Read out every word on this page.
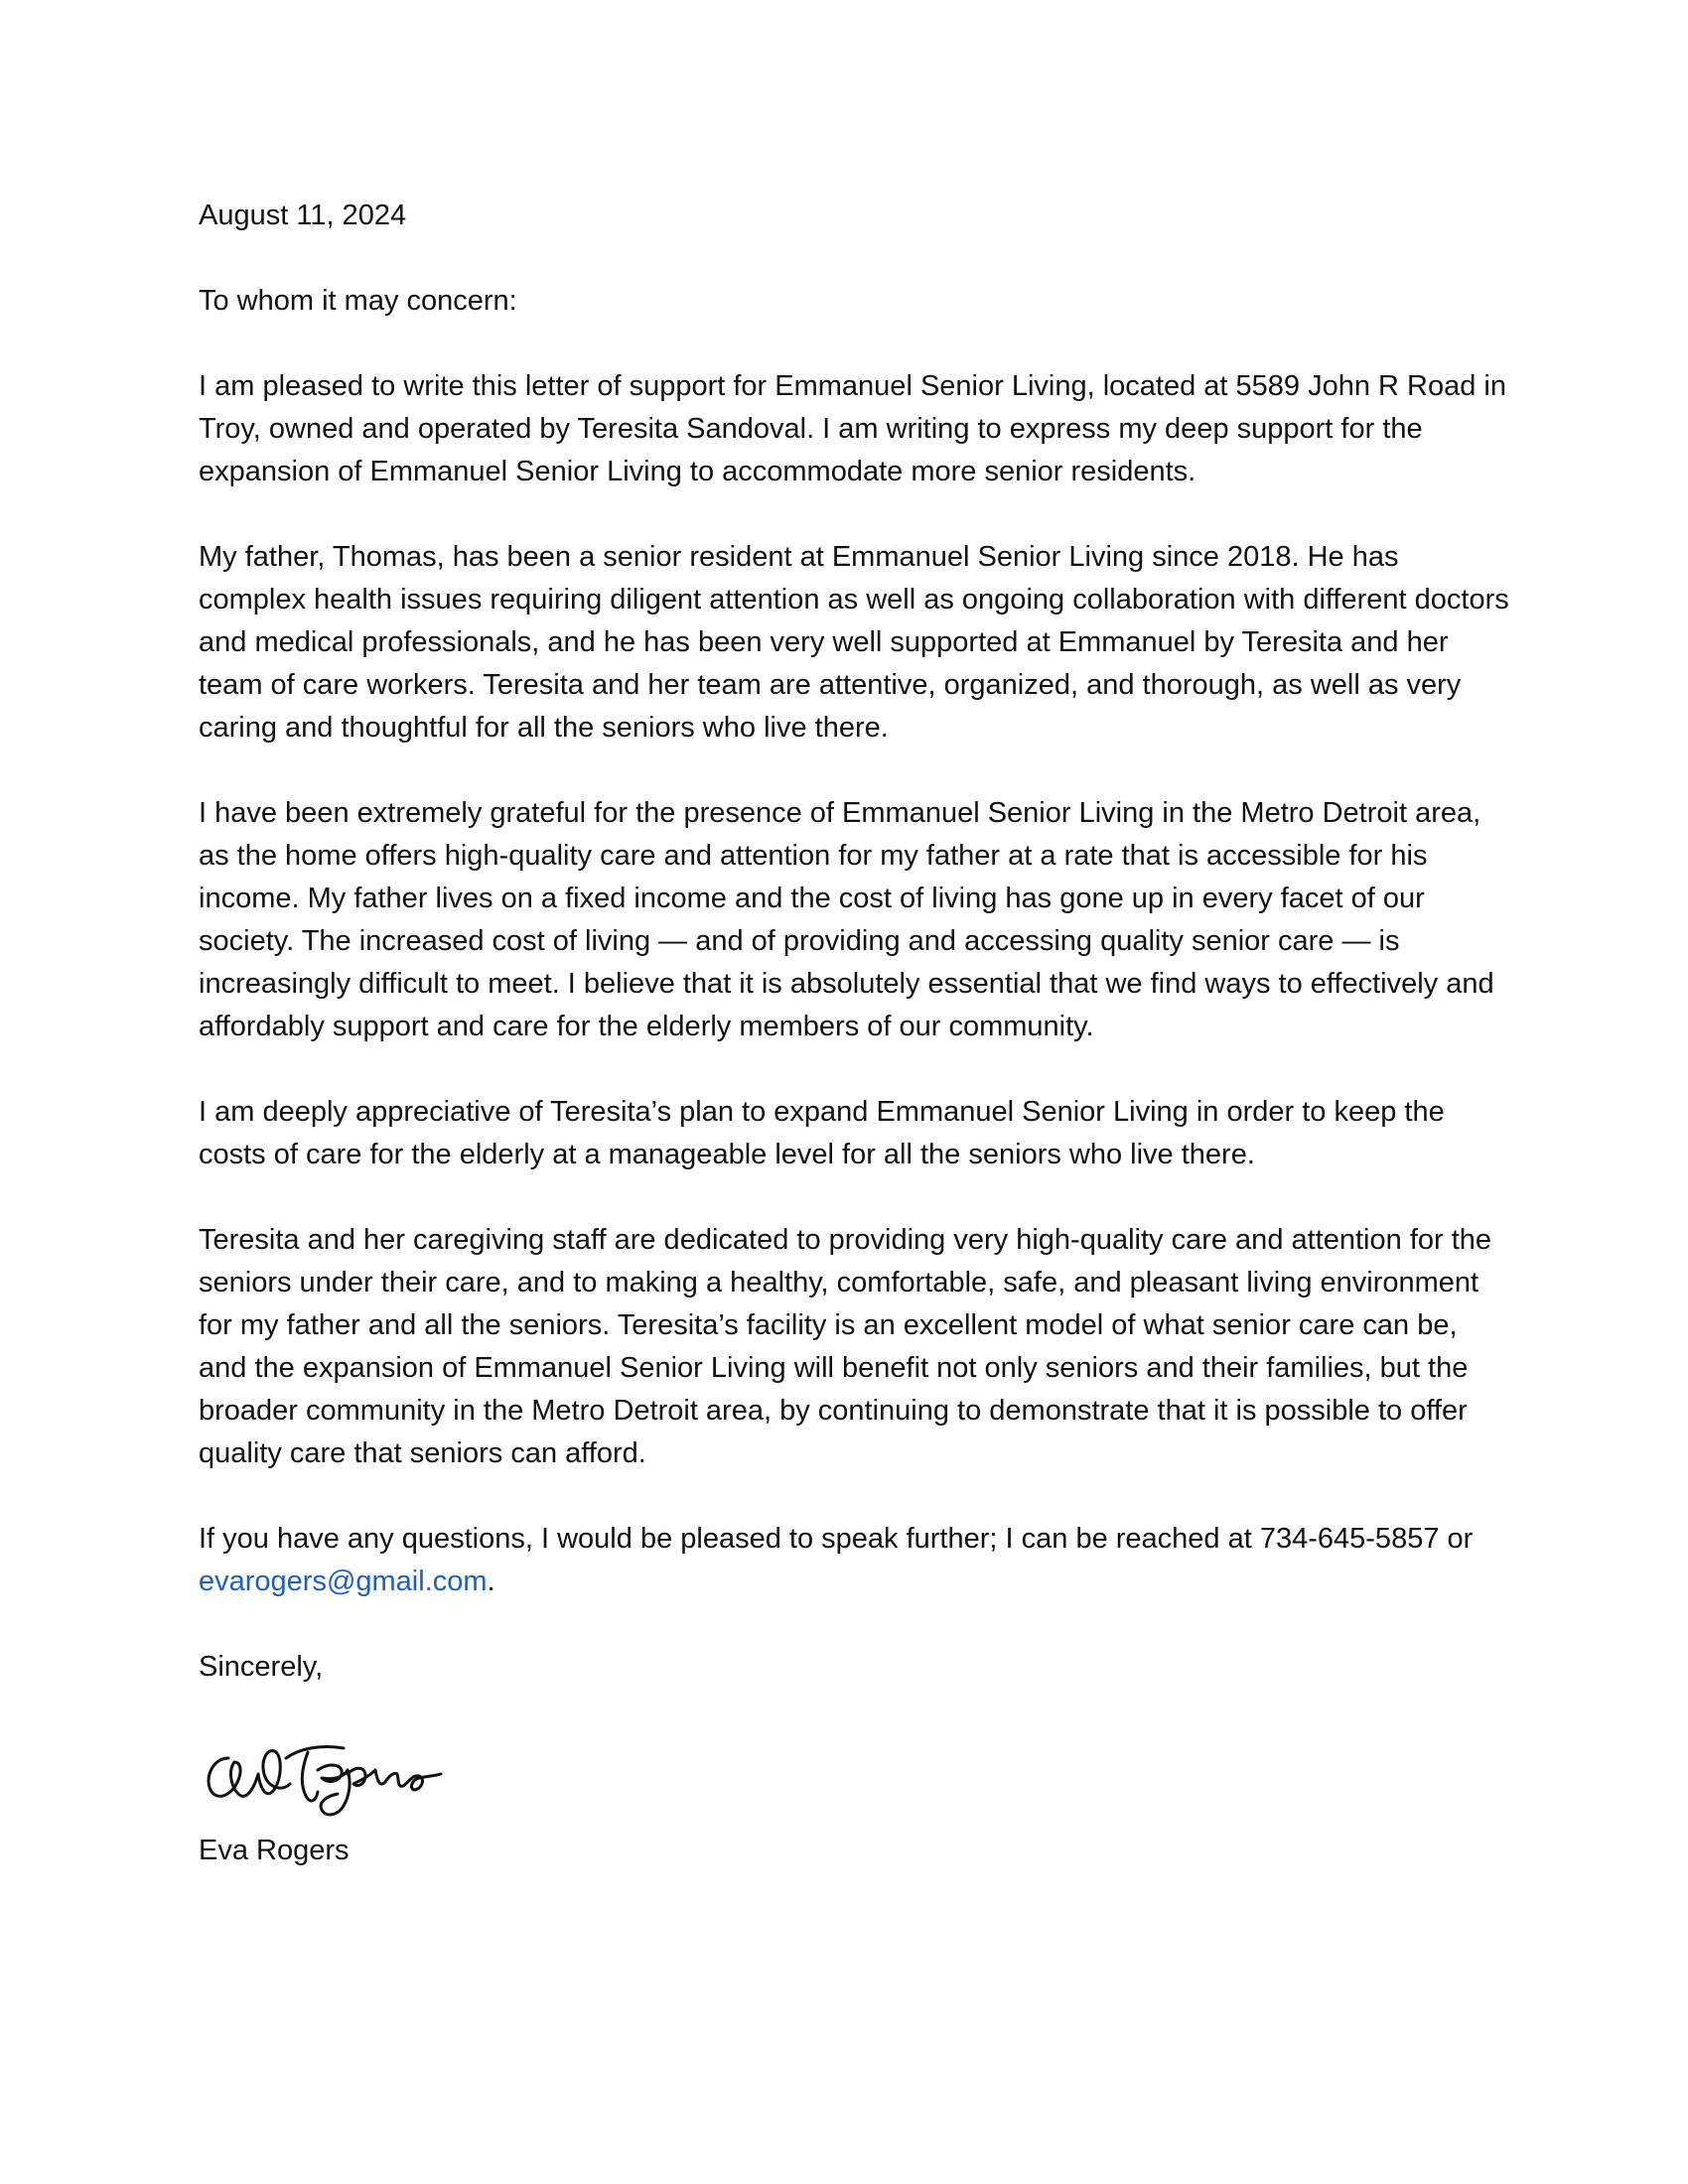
August 11, 2024
To whom it may concern:

I am pleased to write this letter of support for Emmanuel Senior Living, located at 5589 John R Road in Troy, owned and operated by Teresita Sandoval. I am writing to express my deep support for the expansion of Emmanuel Senior Living to accommodate more senior residents.

My father, Thomas, has been a senior resident at Emmanuel Senior Living since 2018. He has complex health issues requiring diligent attention as well as ongoing collaboration with different doctors and medical professionals, and he has been very well supported at Emmanuel by Teresita and her team of care workers. Teresita and her team are attentive, organized, and thorough, as well as very caring and thoughtful for all the seniors who live there.

I have been extremely grateful for the presence of Emmanuel Senior Living in the Metro Detroit area, as the home offers high-quality care and attention for my father at a rate that is accessible for his income. My father lives on a fixed income and the cost of living has gone up in every facet of our society. The increased cost of living — and of providing and accessing quality senior care — is increasingly difficult to meet. I believe that it is absolutely essential that we find ways to effectively and affordably support and care for the elderly members of our community.

I am deeply appreciative of Teresita’s plan to expand Emmanuel Senior Living in order to keep the costs of care for the elderly at a manageable level for all the seniors who live there.

Teresita and her caregiving staff are dedicated to providing very high-quality care and attention for the seniors under their care, and to making a healthy, comfortable, safe, and pleasant living environment for my father and all the seniors. Teresita’s facility is an excellent model of what senior care can be, and the expansion of Emmanuel Senior Living will benefit not only seniors and their families, but the broader community in the Metro Detroit area, by continuing to demonstrate that it is possible to offer quality care that seniors can afford.

If you have any questions, I would be pleased to speak further; I can be reached at 734-645-5857 or evarogers@gmail.com.

Sincerely,
Eva Rogers
